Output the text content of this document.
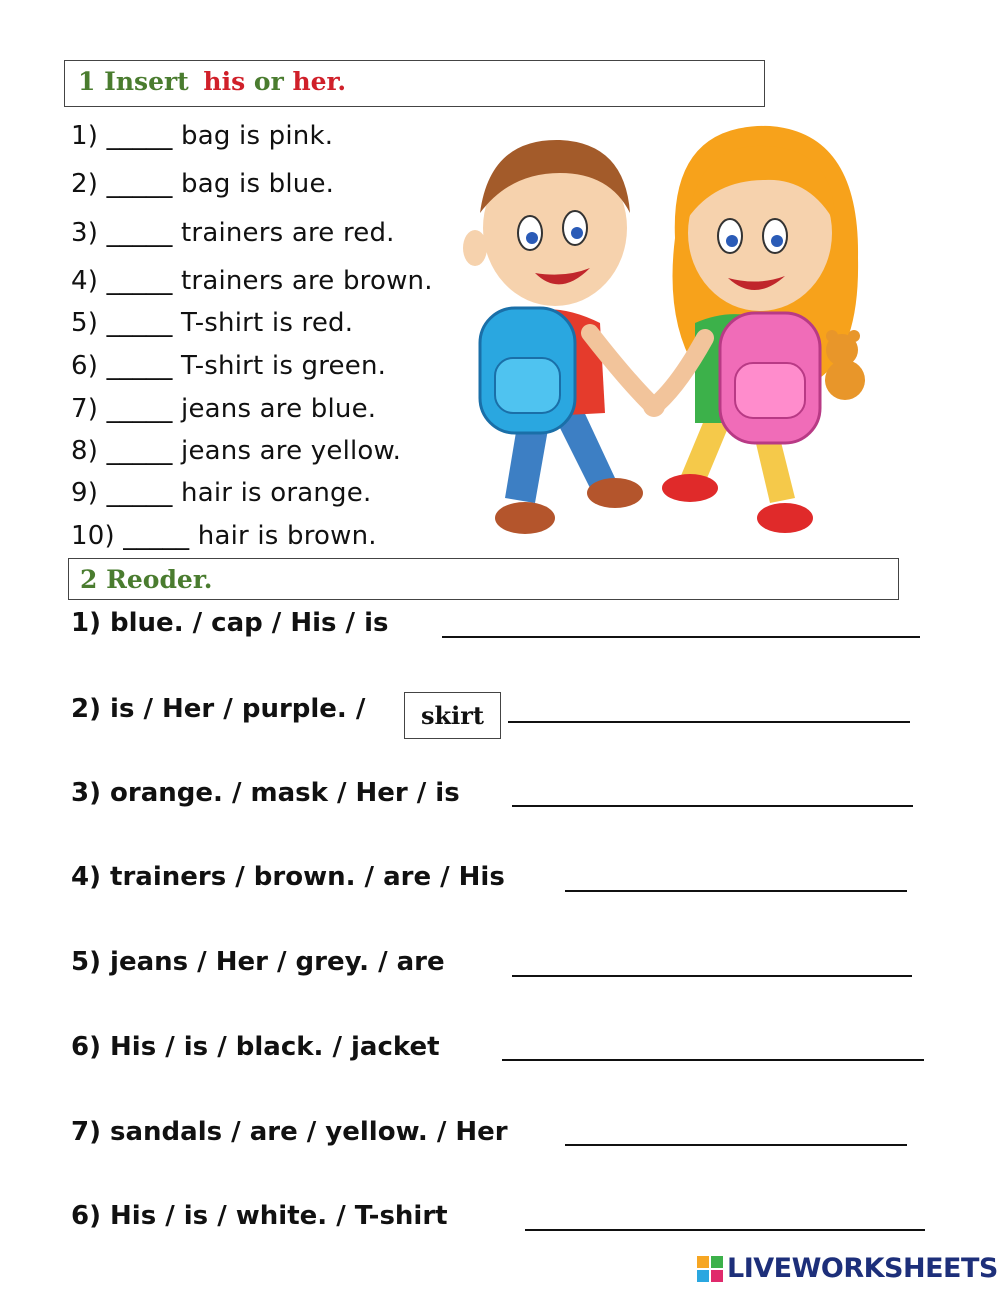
1 Insert his or her.
1) _____ bag is pink.
2) _____ bag is blue.
3) _____ trainers are red.
4) _____ trainers are brown.
5) _____ T-shirt is red.
6) _____ T-shirt is green.
7) _____ jeans are blue.
8) _____ jeans are yellow.
9) _____ hair is orange.
10) _____ hair is brown.
2 Reoder.
1) blue. / cap / His / is
2) is / Her / purple. /	skirt
3) orange. / mask / Her / is
4) trainers / brown. / are / His
5) jeans / Her / grey. / are
6) His / is / black. / jacket
7) sandals / are / yellow. / Her
6) His / is / white. / T-shirt
LIVEWORKSHEETS
